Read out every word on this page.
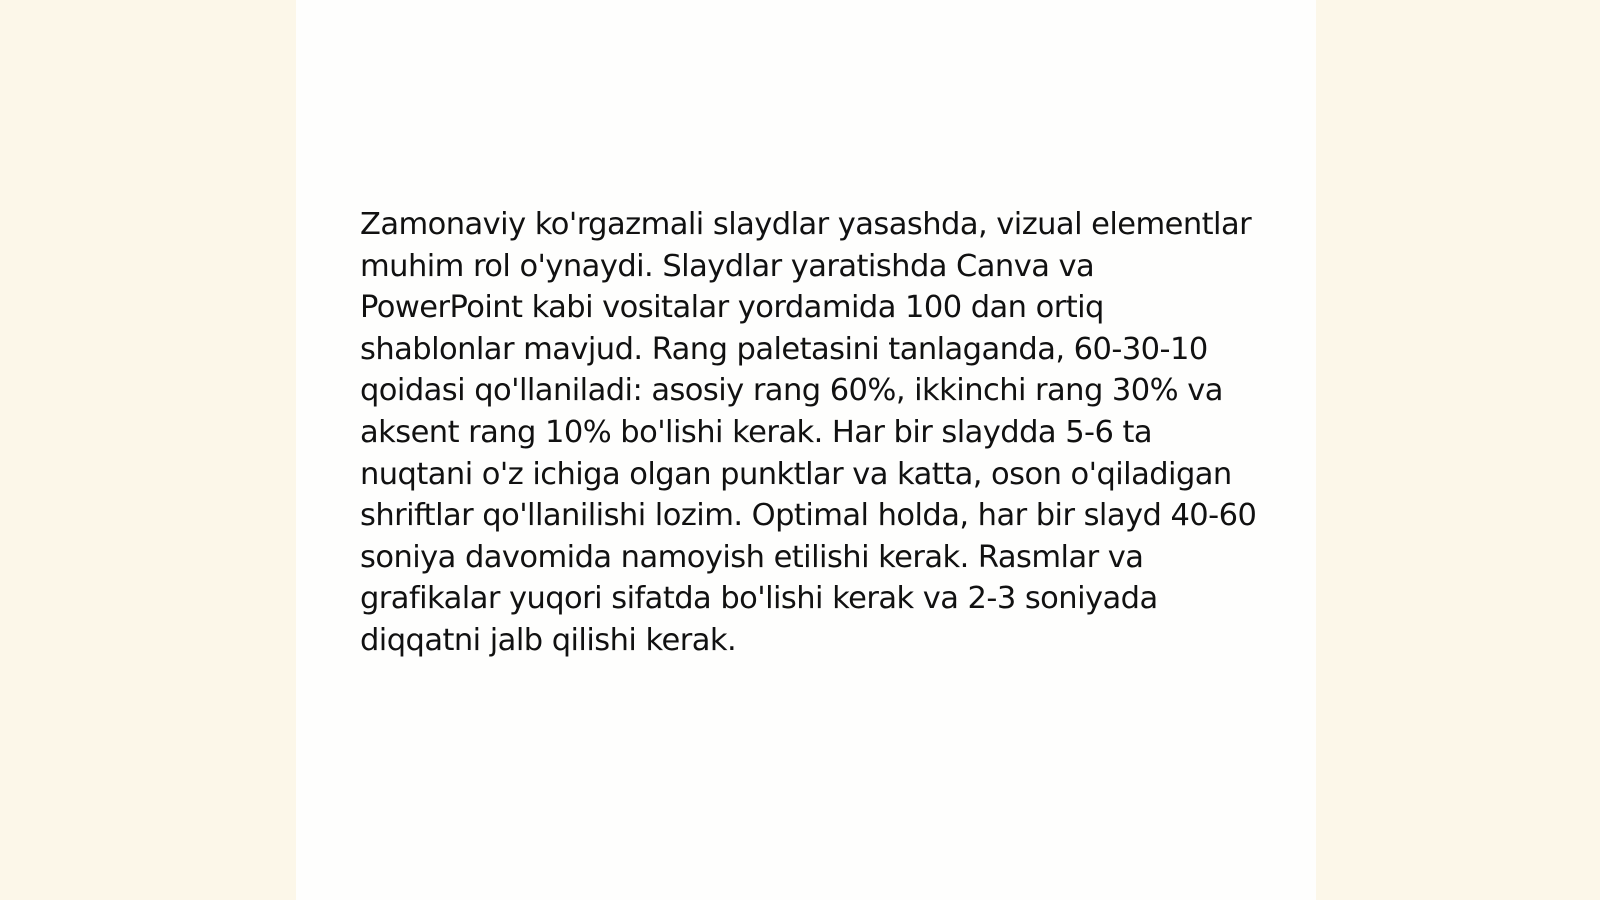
Zamonaviy ko'rgazmali slaydlar yasashda, vizual elementlar muhim rol o'ynaydi. Slaydlar yaratishda Canva va PowerPoint kabi vositalar yordamida 100 dan ortiq shablonlar mavjud. Rang paletasini tanlaganda, 60-30-10 qoidasi qo'llaniladi: asosiy rang 60%, ikkinchi rang 30% va aksent rang 10% bo'lishi kerak. Har bir slaydda 5-6 ta nuqtani o'z ichiga olgan punktlar va katta, oson o'qiladigan shriftlar qo'llanilishi lozim. Optimal holda, har bir slayd 40-60 soniya davomida namoyish etilishi kerak. Rasmlar va grafikalar yuqori sifatda bo'lishi kerak va 2-3 soniyada diqqatni jalb qilishi kerak.
